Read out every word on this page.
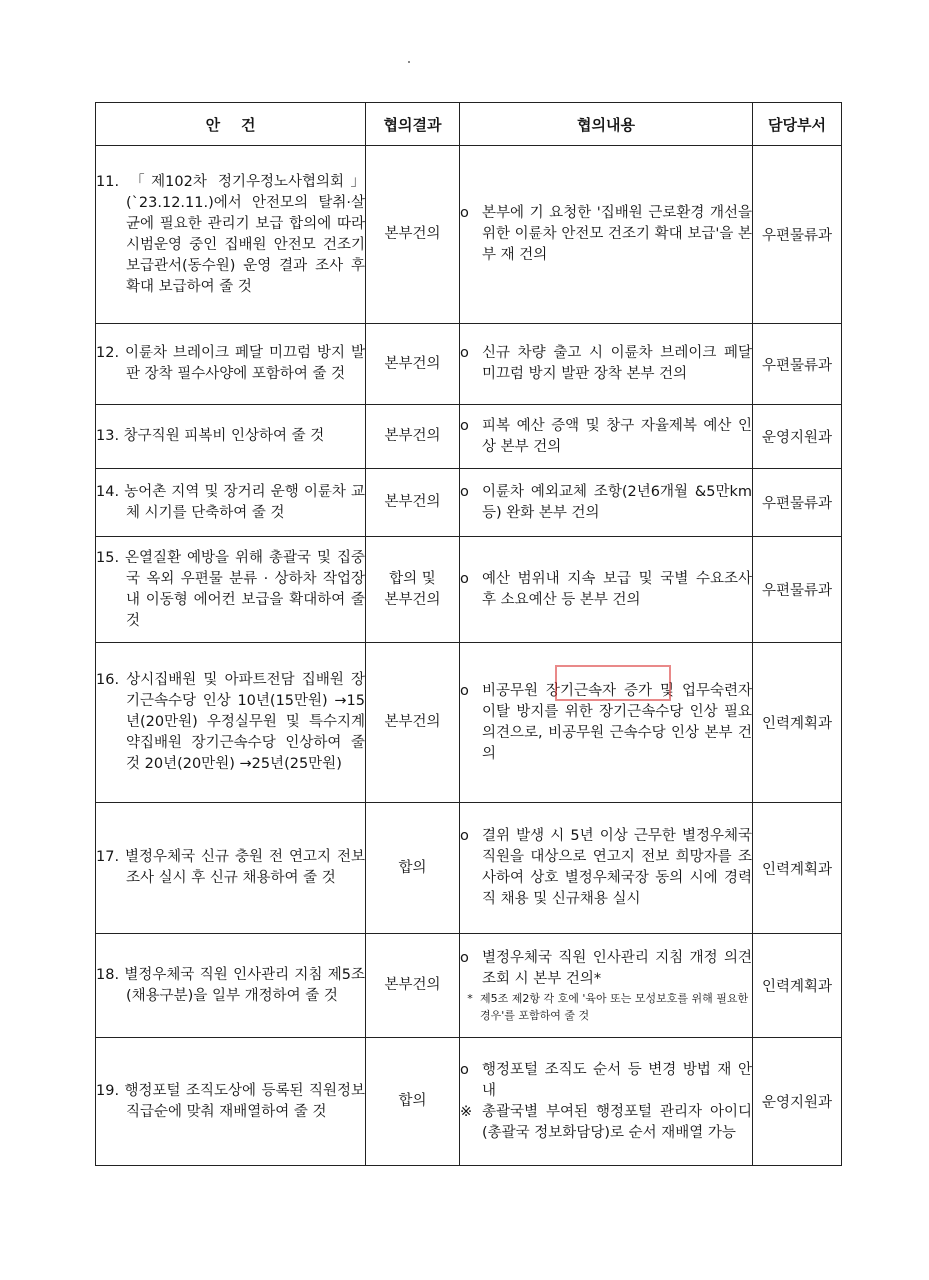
안    건	협의결과	협의내용	담당부서

11. 「제102차 정기우정노사협의회」(`23.12.11.)에서 안전모의 탈취·살균에 필요한 관리기 보급 합의에 따라 시범운영 중인 집배원 안전모 건조기 보급관서(동수원) 운영 결과 조사 후 확대 보급하여 줄 것	본부건의	o 본부에 기 요청한 '집배원 근로환경 개선을 위한 이륜차 안전모 건조기 확대 보급'을 본부 재 건의	우편물류과

12. 이륜차 브레이크 페달 미끄럼 방지 발판 장착 필수사양에 포함하여 줄 것	본부건의	o 신규 차량 출고 시 이륜차 브레이크 페달 미끄럼 방지 발판 장착 본부 건의	우편물류과

13. 창구직원 피복비 인상하여 줄 것	본부건의	o 피복 예산 증액 및 창구 자율제복 예산 인상 본부 건의	운영지원과

14. 농어촌 지역 및 장거리 운행 이륜차 교체 시기를 단축하여 줄 것	본부건의	o 이륜차 예외교체 조항(2년6개월 &5만km 등) 완화 본부 건의	우편물류과

15. 온열질환 예방을 위해 총괄국 및 집중국 옥외 우편물 분류 · 상하차 작업장 내 이동형 에어컨 보급을 확대하여 줄 것	합의 및 본부건의	o 예산 범위내 지속 보급 및 국별 수요조사 후 소요예산 등 본부 건의	우편물류과

16. 상시집배원 및 아파트전담 집배원 장기근속수당 인상 10년(15만원) →15년(20만원) 우정실무원 및 특수지계약집배원 장기근속수당 인상하여 줄 것 20년(20만원) →25년(25만원)	본부건의	o 비공무원 장기근속자 증가 및 업무숙련자 이탈 방지를 위한 장기근속수당 인상 필요 의견으로, 비공무원 근속수당 인상 본부 건의	인력계획과

17. 별정우체국 신규 충원 전 연고지 전보 조사 실시 후 신규 채용하여 줄 것	합의	o 결위 발생 시 5년 이상 근무한 별정우체국 직원을 대상으로 연고지 전보 희망자를 조사하여 상호 별정우체국장 동의 시에 경력직 채용 및 신규채용 실시	인력계획과

18. 별정우체국 직원 인사관리 지침 제5조(채용구분)을 일부 개정하여 줄 것	본부건의	o 별정우체국 직원 인사관리 지침 개정 의견 조회 시 본부 건의*
* 제5조 제2항 각 호에 '육아 또는 모성보호를 위해 필요한 경우'를 포함하여 줄 것	인력계획과

19. 행정포털 조직도상에 등록된 직원정보 직급순에 맞춰 재배열하여 줄 것	합의	o 행정포털 조직도 순서 등 변경 방법 재 안내
※ 총괄국별 부여된 행정포털 관리자 아이디(총괄국 정보화담당)로 순서 재배열 가능	운영지원과
